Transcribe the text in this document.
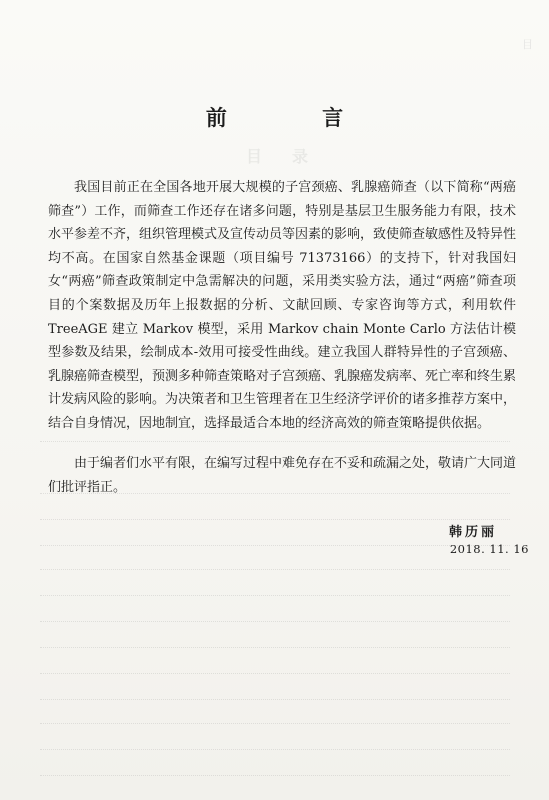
目
目录
前 言

我国目前正在全国各地开展大规模的子宫颈癌、乳腺癌筛查（以下简称“两癌筛查”）工作，而筛查工作还存在诸多问题，特别是基层卫生服务能力有限，技术水平参差不齐，组织管理模式及宣传动员等因素的影响，致使筛查敏感性及特异性均不高。在国家自然基金课题（项目编号 71373166）的支持下，针对我国妇女“两癌”筛查政策制定中急需解决的问题，采用类实验方法，通过“两癌”筛查项目的个案数据及历年上报数据的分析、文献回顾、专家咨询等方式，利用软件 TreeAGE 建立 Markov 模型，采用 Markov chain Monte Carlo 方法估计模型参数及结果，绘制成本-效用可接受性曲线。建立我国人群特异性的子宫颈癌、乳腺癌筛查模型，预测多种筛查策略对子宫颈癌、乳腺癌发病率、死亡率和终生累计发病风险的影响。为决策者和卫生管理者在卫生经济学评价的诸多推荐方案中，结合自身情况，因地制宜，选择最适合本地的经济高效的筛查策略提供依据。

由于编者们水平有限，在编写过程中难免存在不妥和疏漏之处，敬请广大同道们批评指正。

韩历丽
2018. 11. 16
